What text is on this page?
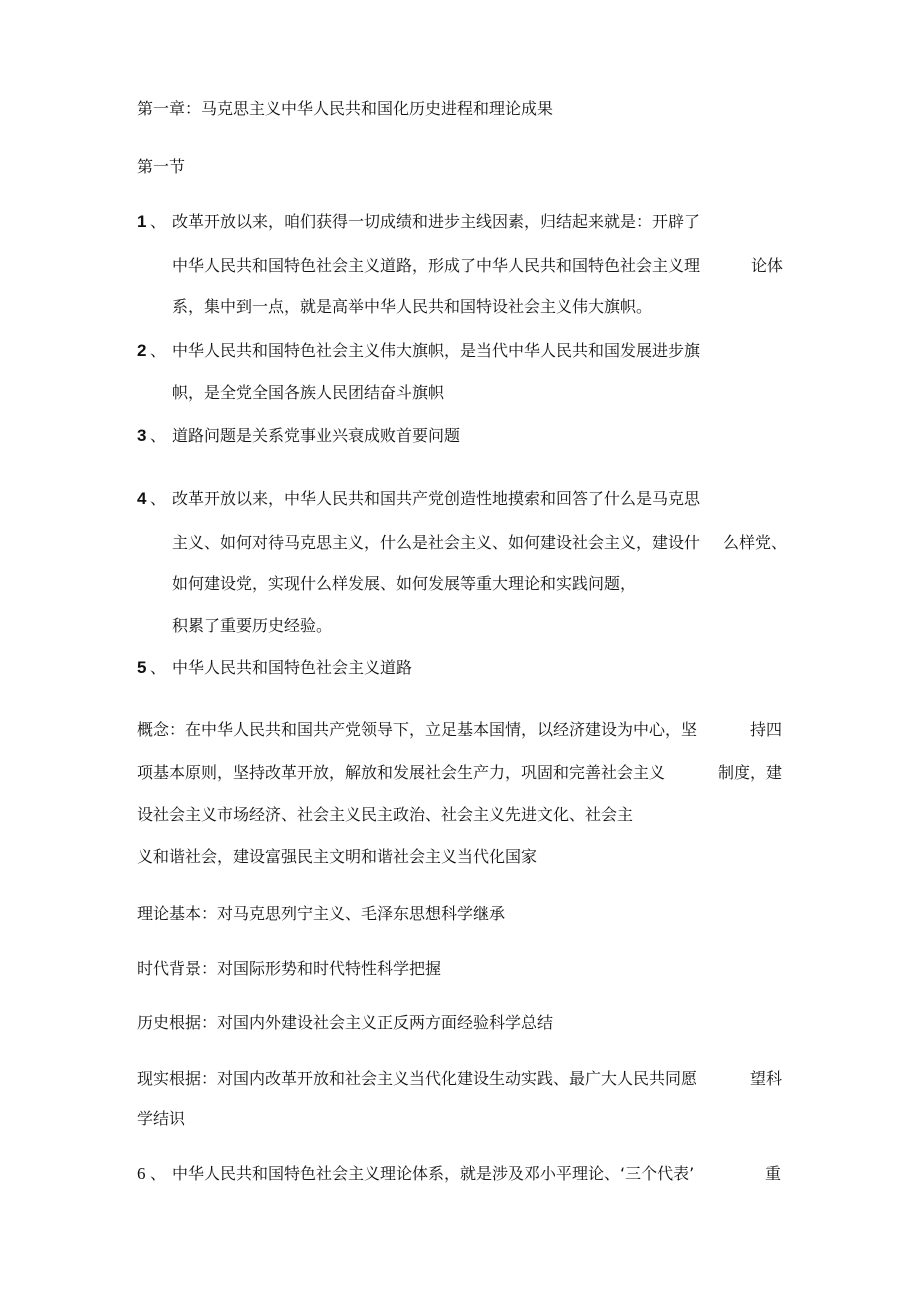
第一章：马克思主义中华人民共和国化历史进程和理论成果
第一节
1 、 改革开放以来，咱们获得一切成绩和进步主线因素，归结起来就是：开辟了
中华人民共和国特色社会主义道路，形成了中华人民共和国特色社会主义理	论体
系，集中到一点，就是高举中华人民共和国特设社会主义伟大旗帜。
2 、 中华人民共和国特色社会主义伟大旗帜，是当代中华人民共和国发展进步旗
帜，是全党全国各族人民团结奋斗旗帜
3 、 道路问题是关系党事业兴衰成败首要问题
4 、 改革开放以来，中华人民共和国共产党创造性地摸索和回答了什么是马克思
主义、如何对待马克思主义，什么是社会主义、如何建设社会主义，建设什 么样党、
如何建设党，实现什么样发展、如何发展等重大理论和实践问题，
积累了重要历史经验。
5 、 中华人民共和国特色社会主义道路
概念：在中华人民共和国共产党领导下，立足基本国情，以经济建设为中心，坚	持四
项基本原则，坚持改革开放，解放和发展社会生产力，巩固和完善社会主义	制度，建
设社会主义市场经济、社会主义民主政治、社会主义先进文化、社会主
义和谐社会，建设富强民主文明和谐社会主义当代化国家
理论基本：对马克思列宁主义、毛泽东思想科学继承
时代背景：对国际形势和时代特性科学把握
历史根据：对国内外建设社会主义正反两方面经验科学总结
现实根据：对国内改革开放和社会主义当代化建设生动实践、最广大人民共同愿	望科
学结识
6 、 中华人民共和国特色社会主义理论体系，就是涉及邓小平理论、‘三个代表’	重
